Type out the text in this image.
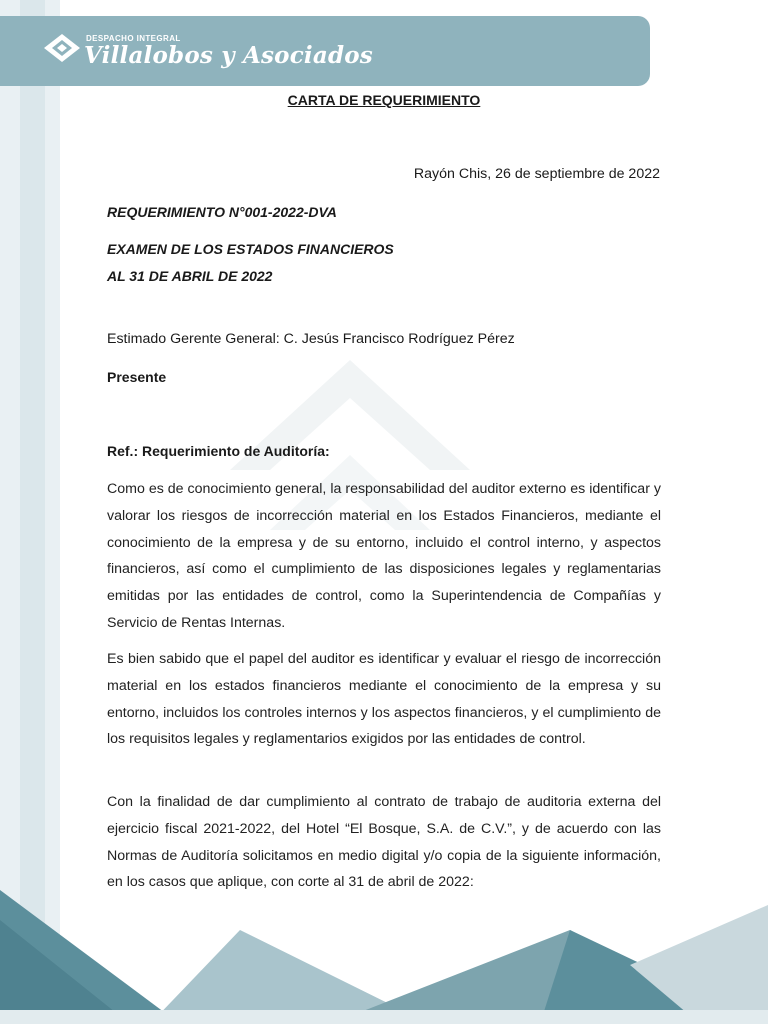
DESPACHO INTEGRAL
Villalobos y Asociados
CARTA DE REQUERIMIENTO
Rayón Chis, 26 de septiembre de 2022
REQUERIMIENTO N°001-2022-DVA
EXAMEN DE LOS ESTADOS FINANCIEROS
AL 31 DE ABRIL DE 2022
Estimado Gerente General: C. Jesús Francisco Rodríguez Pérez
Presente
Ref.: Requerimiento de Auditoría:
Como es de conocimiento general, la responsabilidad del auditor externo es identificar y valorar los riesgos de incorrección material en los Estados Financieros, mediante el conocimiento de la empresa y de su entorno, incluido el control interno, y aspectos financieros, así como el cumplimiento de las disposiciones legales y reglamentarias emitidas por las entidades de control, como la Superintendencia de Compañías y Servicio de Rentas Internas.
Es bien sabido que el papel del auditor es identificar y evaluar el riesgo de incorrección material en los estados financieros mediante el conocimiento de la empresa y su entorno, incluidos los controles internos y los aspectos financieros, y el cumplimiento de los requisitos legales y reglamentarios exigidos por las entidades de control.
Con la finalidad de dar cumplimiento al contrato de trabajo de auditoria externa del ejercicio fiscal 2021-2022, del Hotel “El Bosque, S.A. de C.V.”, y de acuerdo con las Normas de Auditoría solicitamos en medio digital y/o copia de la siguiente información, en los casos que aplique, con corte al 31 de abril de 2022:
